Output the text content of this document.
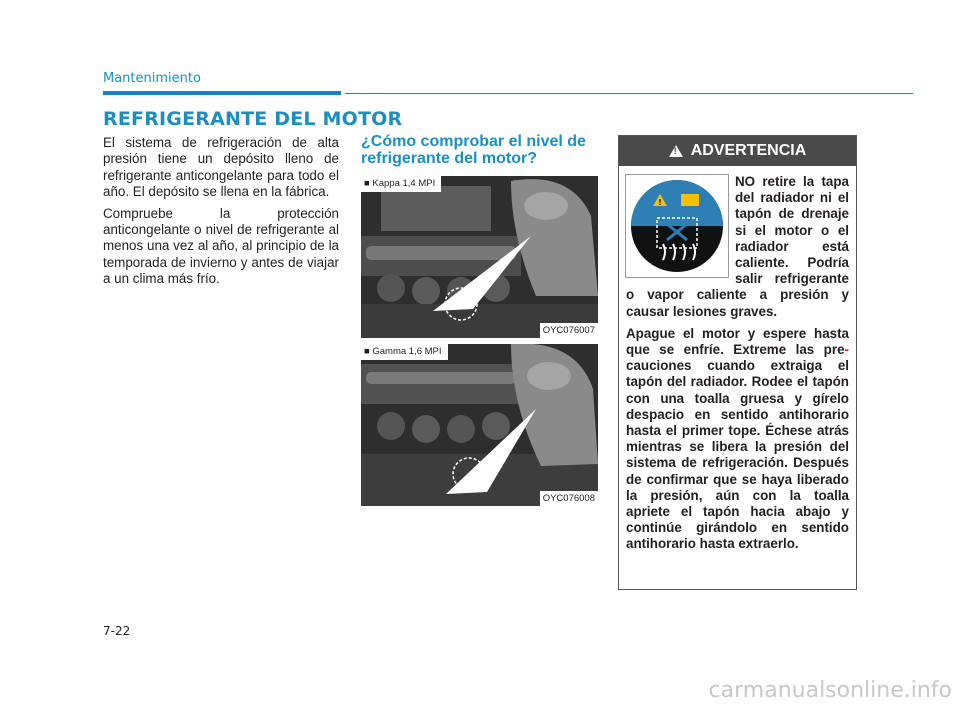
Mantenimiento
REFRIGERANTE DEL MOTOR

El sistema de refrigeración de alta presión tiene un depósito lleno de refrigerante anticongelante para todo el año. El depósito se llena en la fábrica.

Compruebe la protección anticongelante o nivel de refrigerante al menos una vez al año, al principio de la temporada de invierno y antes de viajar a un clima más frío.

¿Cómo comprobar el nivel de refrigerante del motor?
■ Kappa 1,4 MPI
OYC076007
■ Gamma 1,6 MPI
OYC076008
!
ADVERTENCIA
!

NO retire la tapa del radiador ni el tapón de drenaje si el motor o el radiador está caliente. Podría salir refrigerante o vapor caliente a presión y causar lesiones graves.

Apague el motor y espere hasta que se enfríe. Extreme las pre- cauciones cuando extraiga el tapón del radiador. Rodee el tapón con una toalla gruesa y gírelo despacio en sentido antihorario hasta el primer tope. Échese atrás mientras se libera la presión del sistema de refrigeración. Después de confirmar que se haya liberado la presión, aún con la toalla apriete el tapón hacia abajo y continúe girándolo en sentido antihorario hasta extraerlo.

7-22
carmanualsonline.info
